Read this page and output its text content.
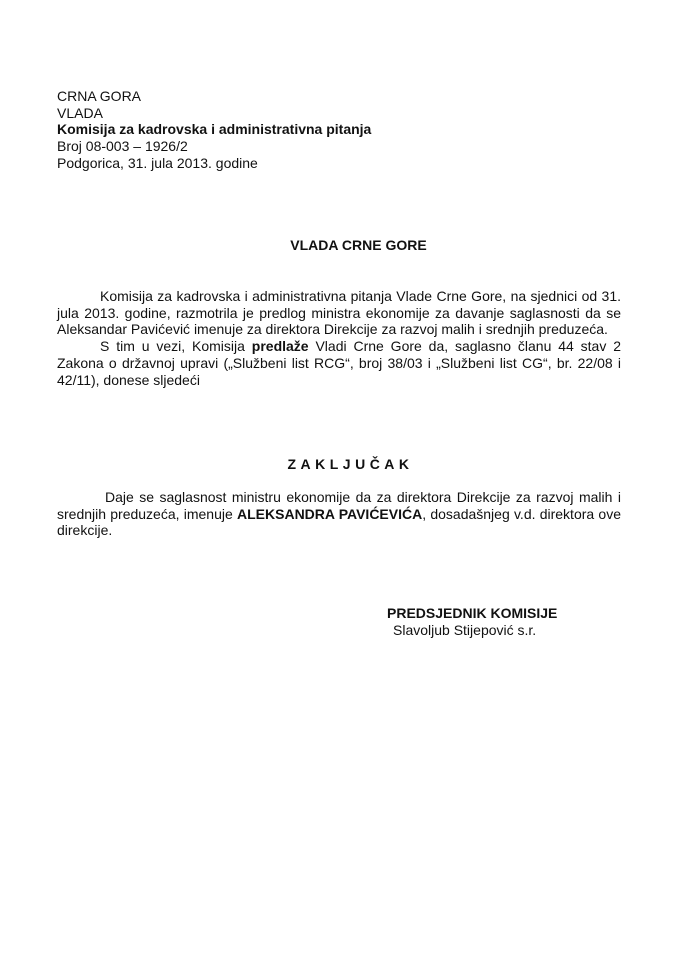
CRNA GORA
VLADA
Komisija za kadrovska i administrativna pitanja
Broj 08-003 – 1926/2
Podgorica, 31. jula 2013. godine
VLADA CRNE GORE

Komisija za kadrovska i administrativna pitanja Vlade Crne Gore, na sjednici od 31. jula 2013. godine, razmotrila je predlog ministra ekonomije za davanje saglasnosti da se Aleksandar Pavićević imenuje za direktora Direkcije za razvoj malih i srednjih preduzeća.

S tim u vezi, Komisija predlaže Vladi Crne Gore da, saglasno članu 44 stav 2 Zakona o državnoj upravi („Službeni list RCG“, broj 38/03 i „Službeni list CG“, br. 22/08 i 42/11), donese sljedeći

ZAKLJUČAK

Daje se saglasnost ministru ekonomije da za direktora Direkcije za razvoj malih i srednjih preduzeća, imenuje ALEKSANDRA PAVIĆEVIĆA, dosadašnjeg v.d. direktora ove direkcije.

PREDSJEDNIK KOMISIJE
Slavoljub Stijepović s.r.
